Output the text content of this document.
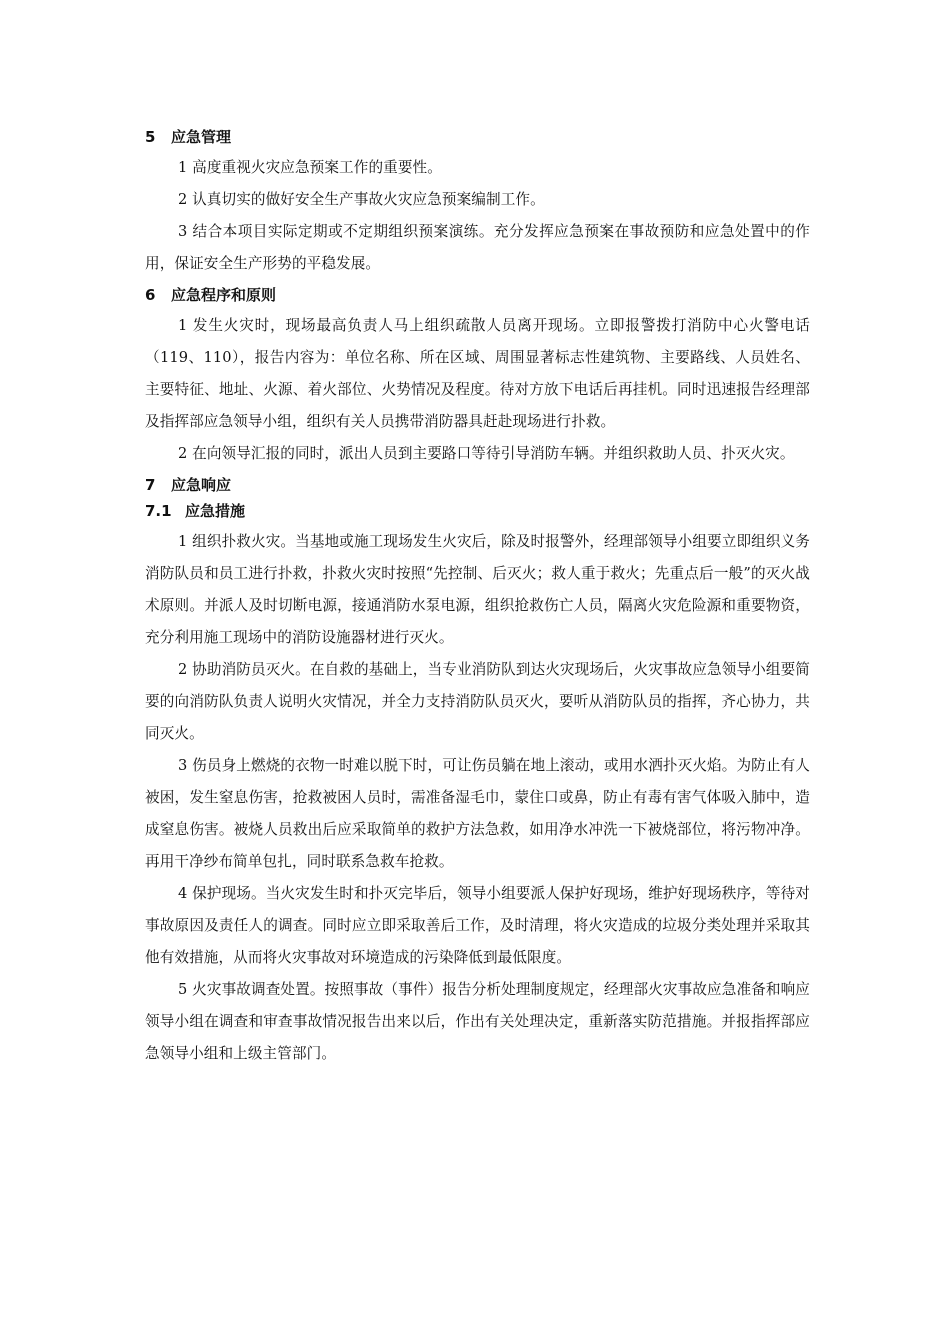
5 应急管理

1 高度重视火灾应急预案工作的重要性。

2 认真切实的做好安全生产事故火灾应急预案编制工作。

3 结合本项目实际定期或不定期组织预案演练。充分发挥应急预案在事故预防和应急处置中的作用，保证安全生产形势的平稳发展。

6 应急程序和原则

1 发生火灾时，现场最高负责人马上组织疏散人员离开现场。立即报警拨打消防中心火警电话（119、110），报告内容为：单位名称、所在区域、周围显著标志性建筑物、主要路线、人员姓名、主要特征、地址、火源、着火部位、火势情况及程度。待对方放下电话后再挂机。同时迅速报告经理部及指挥部应急领导小组，组织有关人员携带消防器具赶赴现场进行扑救。

2 在向领导汇报的同时，派出人员到主要路口等待引导消防车辆。并组织救助人员、扑灭火灾。

7 应急响应
7.1 应急措施

1 组织扑救火灾。当基地或施工现场发生火灾后，除及时报警外，经理部领导小组要立即组织义务消防队员和员工进行扑救，扑救火灾时按照“先控制、后灭火；救人重于救火；先重点后一般”的灭火战术原则。并派人及时切断电源，接通消防水泵电源，组织抢救伤亡人员，隔离火灾危险源和重要物资，充分利用施工现场中的消防设施器材进行灭火。

2 协助消防员灭火。在自救的基础上，当专业消防队到达火灾现场后，火灾事故应急领导小组要简要的向消防队负责人说明火灾情况，并全力支持消防队员灭火，要听从消防队员的指挥，齐心协力，共同灭火。

3 伤员身上燃烧的衣物一时难以脱下时，可让伤员躺在地上滚动，或用水洒扑灭火焰。为防止有人被困，发生窒息伤害，抢救被困人员时，需准备湿毛巾，蒙住口或鼻，防止有毒有害气体吸入肺中，造成窒息伤害。被烧人员救出后应采取简单的救护方法急救，如用净水冲洗一下被烧部位，将污物冲净。再用干净纱布简单包扎，同时联系急救车抢救。

4 保护现场。当火灾发生时和扑灭完毕后，领导小组要派人保护好现场，维护好现场秩序，等待对事故原因及责任人的调查。同时应立即采取善后工作，及时清理，将火灾造成的垃圾分类处理并采取其他有效措施，从而将火灾事故对环境造成的污染降低到最低限度。

5 火灾事故调查处置。按照事故（事件）报告分析处理制度规定，经理部火灾事故应急准备和响应领导小组在调查和审查事故情况报告出来以后，作出有关处理决定，重新落实防范措施。并报指挥部应急领导小组和上级主管部门。
